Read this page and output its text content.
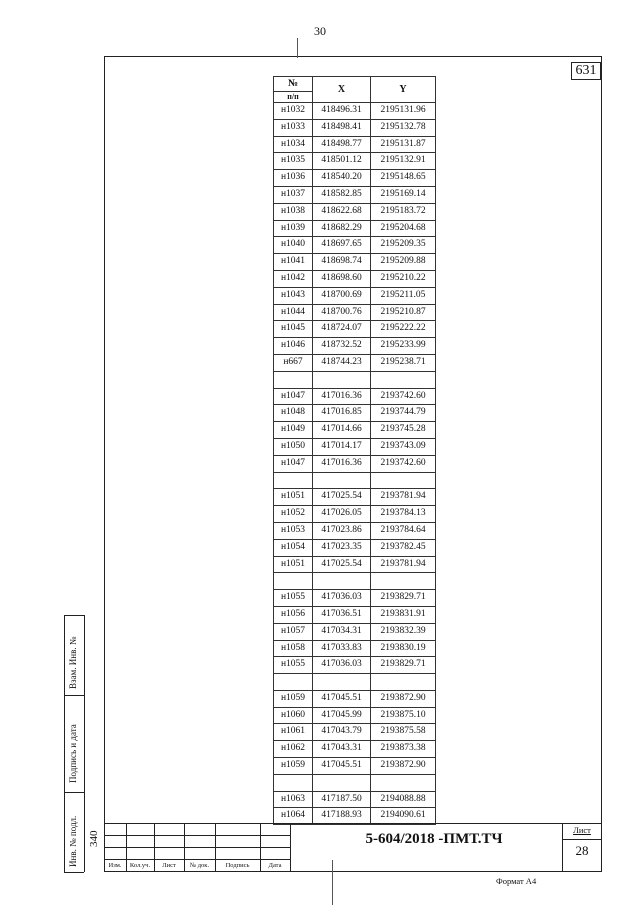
30
631
№	X	Y
п/п		
н1032	418496.31	2195131.96
н1033	418498.41	2195132.78
н1034	418498.77	2195131.87
н1035	418501.12	2195132.91
н1036	418540.20	2195148.65
н1037	418582.85	2195169.14
н1038	418622.68	2195183.72
н1039	418682.29	2195204.68
н1040	418697.65	2195209.35
н1041	418698.74	2195209.88
н1042	418698.60	2195210.22
н1043	418700.69	2195211.05
н1044	418700.76	2195210.87
н1045	418724.07	2195222.22
н1046	418732.52	2195233.99
н667	418744.23	2195238.71

н1047	417016.36	2193742.60
н1048	417016.85	2193744.79
н1049	417014.66	2193745.28
н1050	417014.17	2193743.09
н1047	417016.36	2193742.60

н1051	417025.54	2193781.94
н1052	417026.05	2193784.13
н1053	417023.86	2193784.64
н1054	417023.35	2193782.45
н1051	417025.54	2193781.94

н1055	417036.03	2193829.71
н1056	417036.51	2193831.91
н1057	417034.31	2193832.39
н1058	417033.83	2193830.19
н1055	417036.03	2193829.71

н1059	417045.51	2193872.90
н1060	417045.99	2193875.10
н1061	417043.79	2193875.58
н1062	417043.31	2193873.38
н1059	417045.51	2193872.90

н1063	417187.50	2194088.88
н1064	417188.93	2194090.61
Взам. Инв. №
Подпись и дата
Инв. № подл. 340
Изм.	Кол.уч.	Лист	№ док.	Подпись	Дата
5-604/2018 -ПМТ.ТЧ
Лист
28
Формат А4
